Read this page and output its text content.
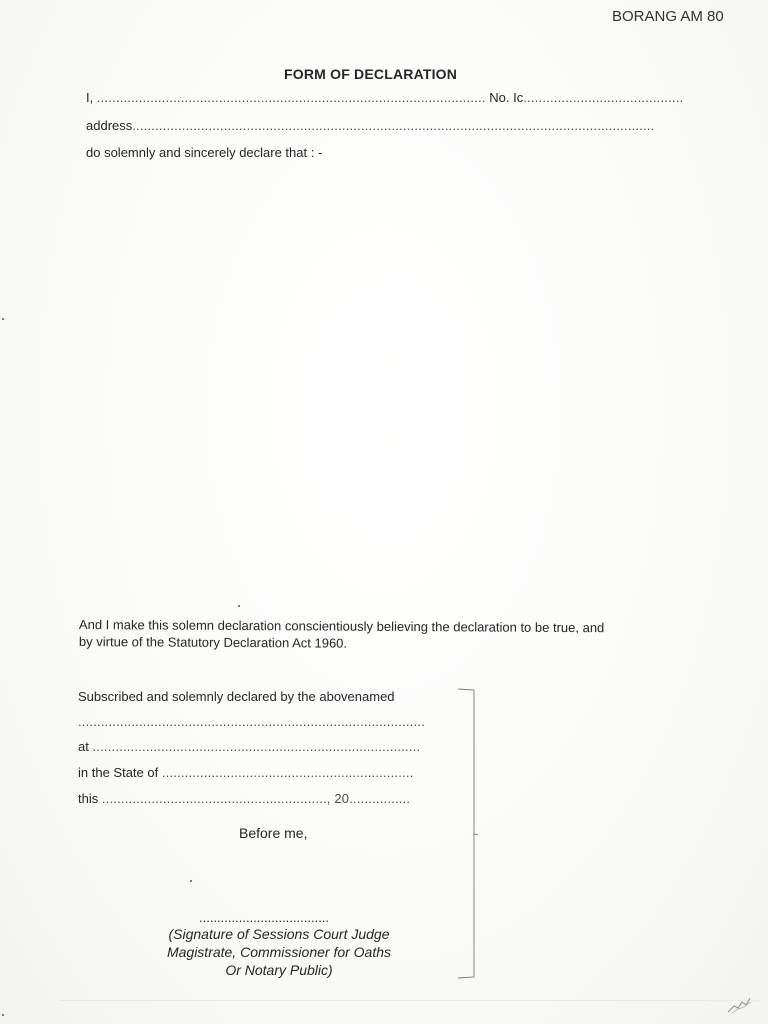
BORANG AM 80
FORM OF DECLARATION
I, ...................................................................................................... No. Ic..........................................
address.........................................................................................................................................
do solemnly and sincerely declare that : -
And I make this solemn declaration conscientiously believing the declaration to be true, and
by virtue of the Statutory Declaration Act 1960.
Subscribed and solemnly declared by the abovenamed
...........................................................................................
at ......................................................................................
in the State of ..................................................................
this ..........................................................., 20................
Before me,
....................................
(Signature of Sessions Court Judge
Magistrate, Commissioner for Oaths
Or Notary Public)
